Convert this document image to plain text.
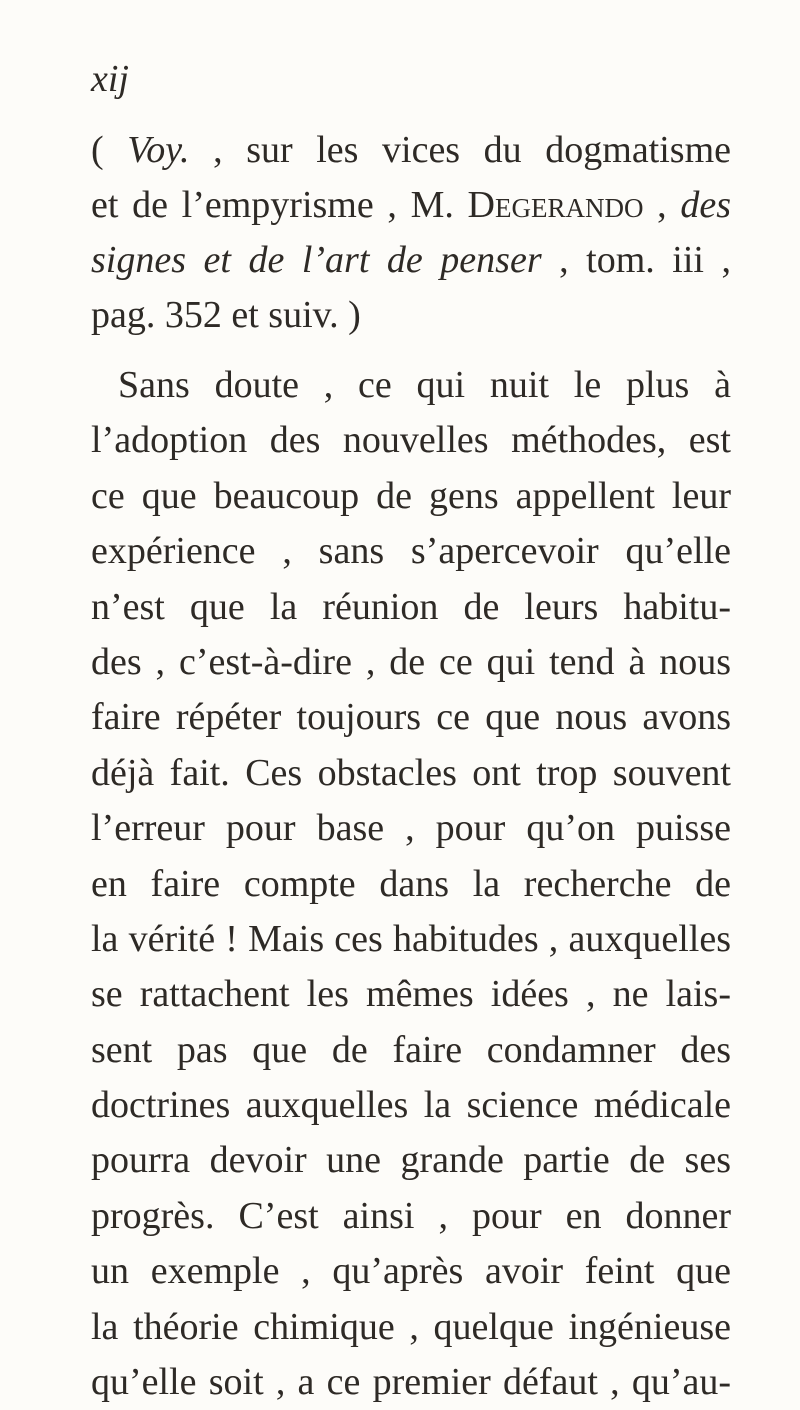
xij
( Voy. , sur les vices du dogmatisme
et de l’empyrisme , M. Degerando , des
signes et de l’art de penser , tom. iii ,
pag. 352 et suiv. )
Sans doute , ce qui nuit le plus à
l’adoption des nouvelles méthodes, est
ce que beaucoup de gens appellent leur
expérience , sans s’apercevoir qu’elle
n’est que la réunion de leurs habitu-
des , c’est-à-dire , de ce qui tend à nous
faire répéter toujours ce que nous avons
déjà fait. Ces obstacles ont trop souvent
l’erreur pour base , pour qu’on puisse
en faire compte dans la recherche de
la vérité ! Mais ces habitudes , auxquelles
se rattachent les mêmes idées , ne lais-
sent pas que de faire condamner des
doctrines auxquelles la science médicale
pourra devoir une grande partie de ses
progrès. C’est ainsi , pour en donner
un exemple , qu’après avoir feint que
la théorie chimique , quelque ingénieuse
qu’elle soit , a ce premier défaut , qu’au-
